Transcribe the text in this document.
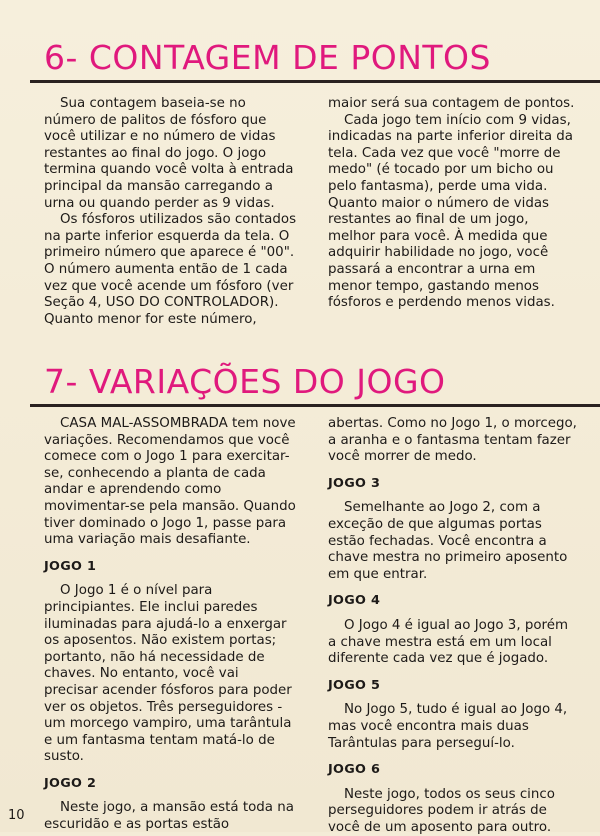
6- CONTAGEM DE PONTOS

Sua contagem baseia-se no número de palitos de fósforo que você utilizar e no número de vidas restantes ao final do jogo. O jogo termina quando você volta à entrada principal da mansão carregando a urna ou quando perder as 9 vidas.

Os fósforos utilizados são contados na parte inferior esquerda da tela. O primeiro número que aparece é "00". O número aumenta então de 1 cada vez que você acende um fósforo (ver Seção 4, USO DO CONTROLADOR). Quanto menor for este número,

maior será sua contagem de pontos.

Cada jogo tem início com 9 vidas, indicadas na parte inferior direita da tela. Cada vez que você "morre de medo" (é tocado por um bicho ou pelo fantasma), perde uma vida. Quanto maior o número de vidas restantes ao final de um jogo, melhor para você. À medida que adquirir habilidade no jogo, você passará a encontrar a urna em menor tempo, gastando menos fósforos e perdendo menos vidas.

7- VARIAÇÕES DO JOGO

CASA MAL-ASSOMBRADA tem nove variações. Recomendamos que você comece com o Jogo 1 para exercitar-se, conhecendo a planta de cada andar e aprendendo como movimentar-se pela mansão. Quando tiver dominado o Jogo 1, passe para uma variação mais desafiante.

JOGO 1

O Jogo 1 é o nível para principiantes. Ele inclui paredes iluminadas para ajudá-lo a enxergar os aposentos. Não existem portas; portanto, não há necessidade de chaves. No entanto, você vai precisar acender fósforos para poder ver os objetos. Três perseguidores - um morcego vampiro, uma tarântula e um fantasma tentam matá-lo de susto.

JOGO 2

Neste jogo, a mansão está toda na escuridão e as portas estão

abertas. Como no Jogo 1, o morcego, a aranha e o fantasma tentam fazer você morrer de medo.

JOGO 3

Semelhante ao Jogo 2, com a exceção de que algumas portas estão fechadas. Você encontra a chave mestra no primeiro aposento em que entrar.

JOGO 4

O Jogo 4 é igual ao Jogo 3, porém a chave mestra está em um local diferente cada vez que é jogado.

JOGO 5

No Jogo 5, tudo é igual ao Jogo 4, mas você encontra mais duas Tarântulas para perseguí-lo.

JOGO 6

Neste jogo, todos os seus cinco perseguidores podem ir atrás de você de um aposento para outro.

10
